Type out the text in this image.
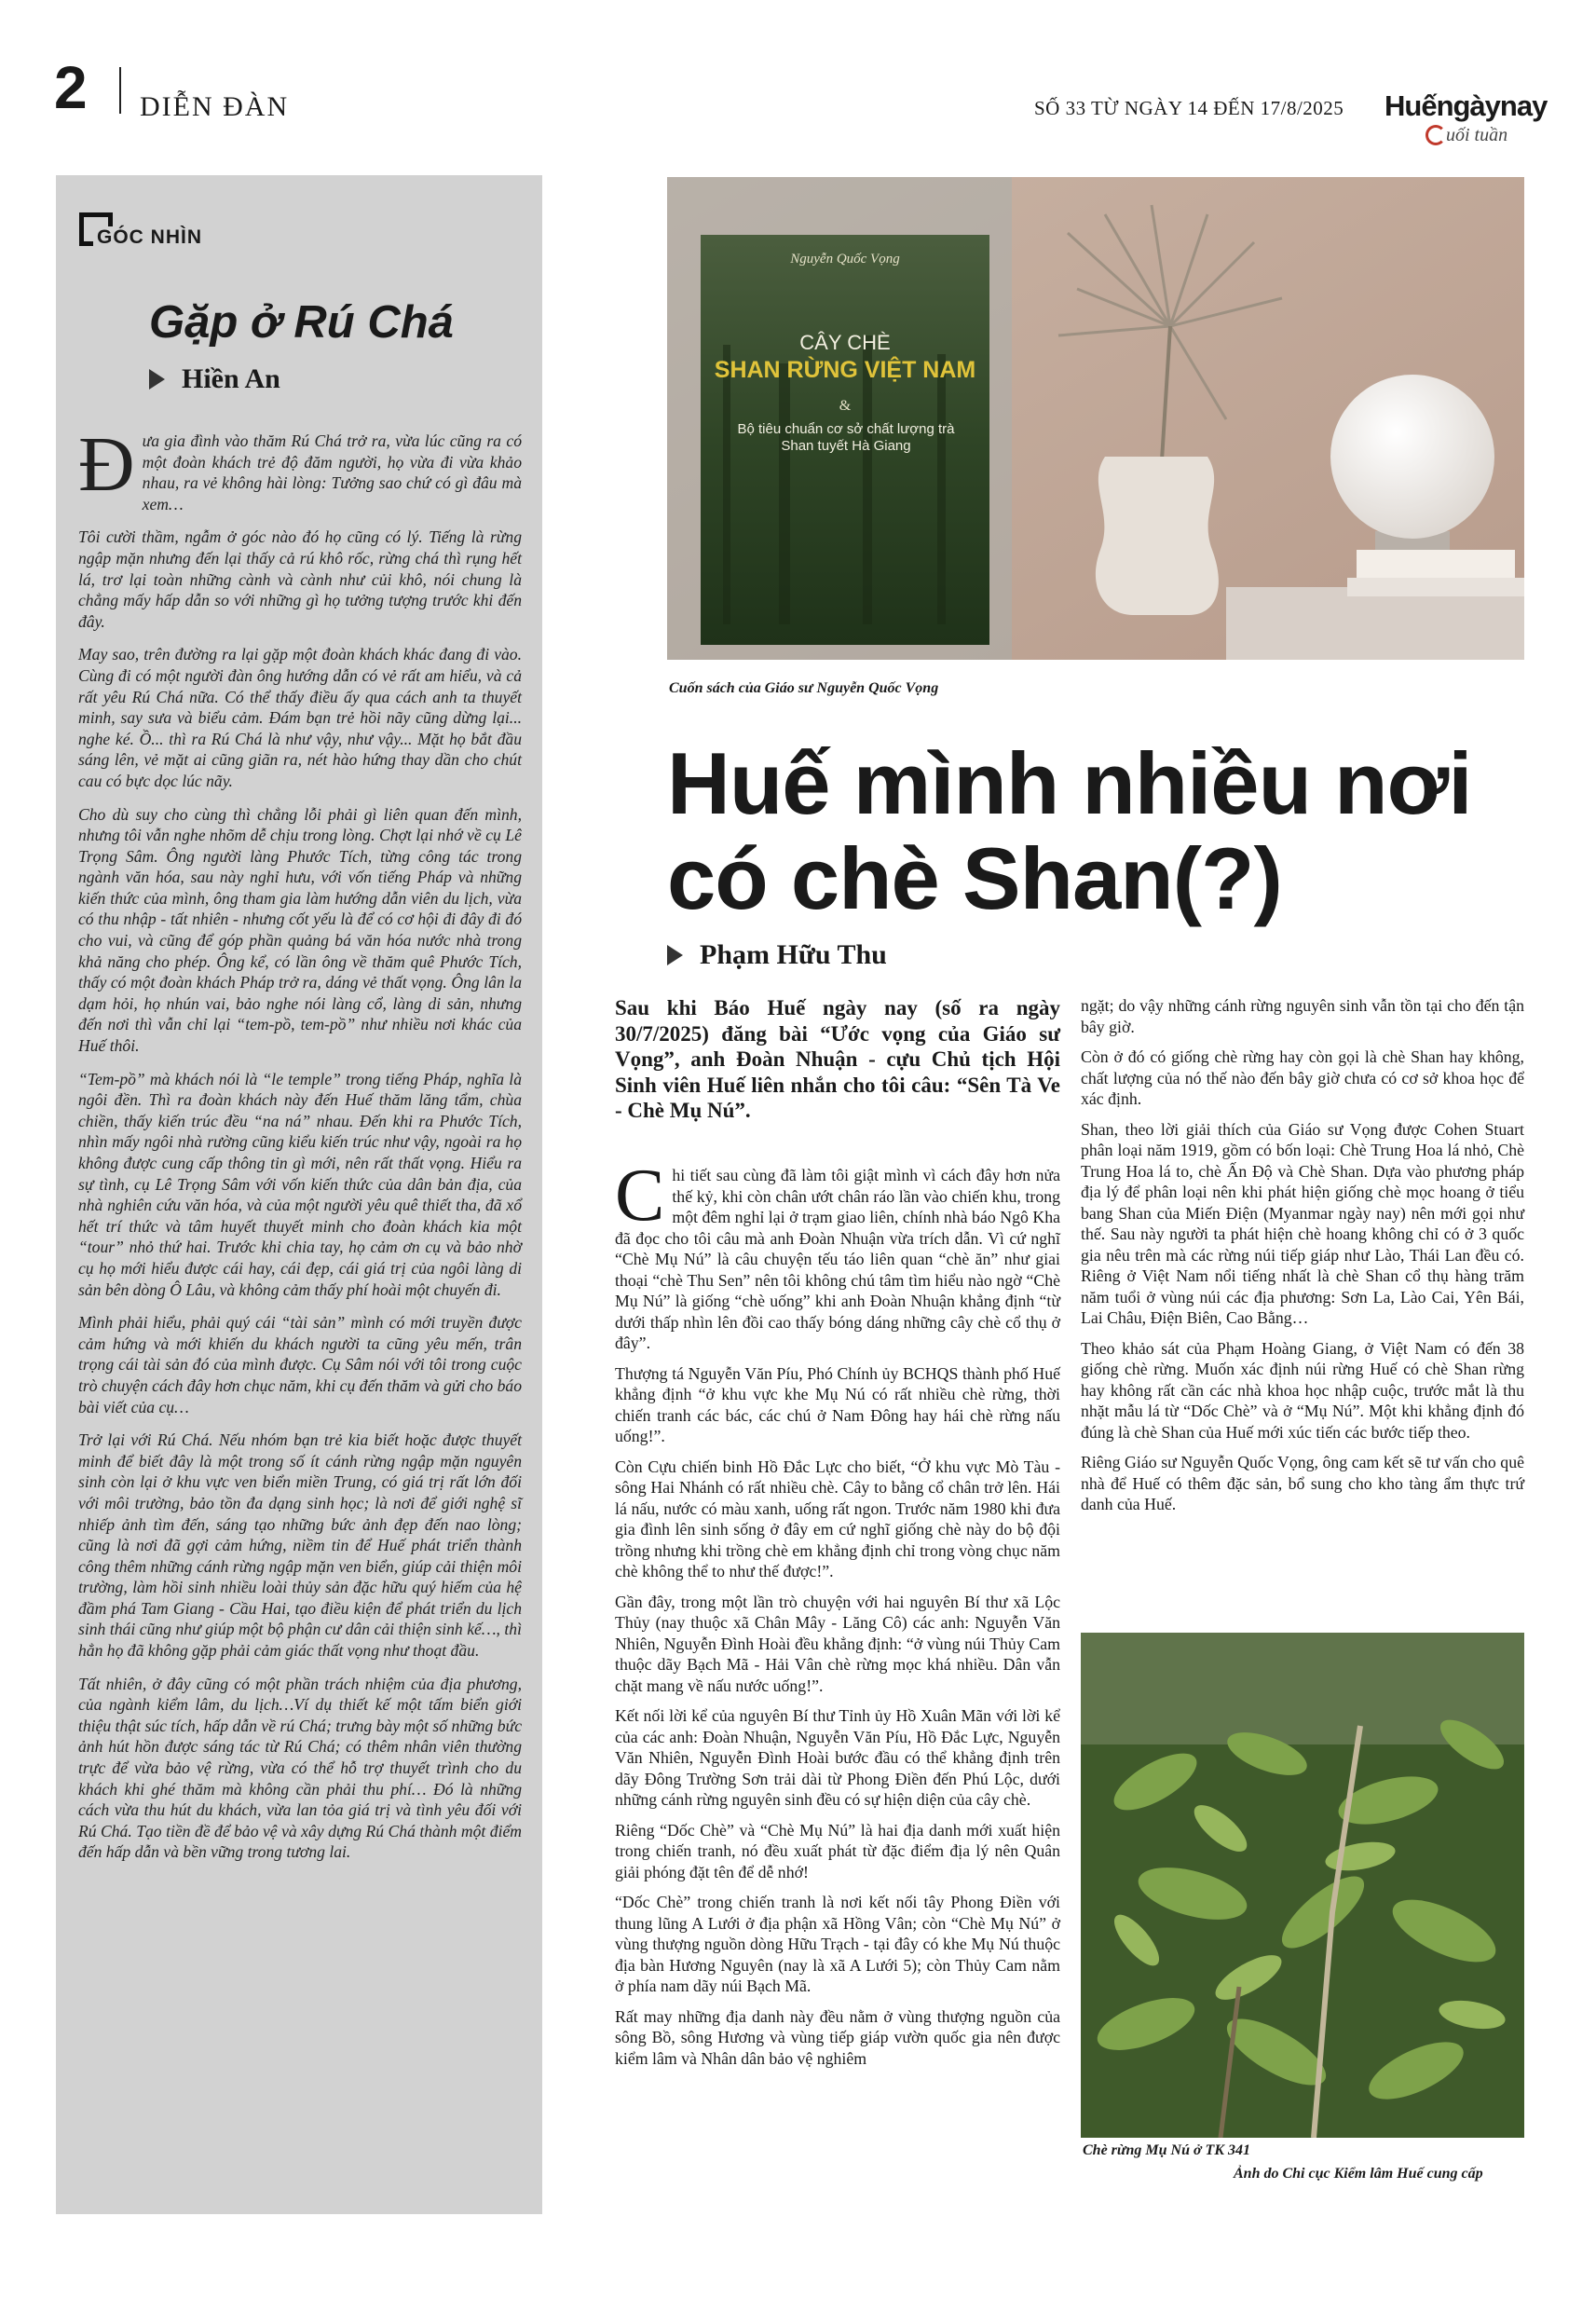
2 DIỄN ĐÀN	SỐ 33 TỪ NGÀY 14 ĐẾN 17/8/2025 Huếngàynay
uối tuần
GÓC NHÌN
Gặp ở Rú Chá
Hiền An

Đưa gia đình vào thăm Rú Chá trở ra, vừa lúc cũng ra có một đoàn khách trẻ độ đăm người, họ vừa đi vừa khảo nhau, ra vẻ không hài lòng: Tưởng sao chứ có gì đâu mà xem…

Tôi cười thầm, ngẫm ở góc nào đó họ cũng có lý. Tiếng là rừng ngập mặn nhưng đến lại thấy cả rú khô rốc, rừng chá thì rụng hết lá, trơ lại toàn những cành và cành như củi khô, nói chung là chẳng mấy hấp dẫn so với những gì họ tưởng tượng trước khi đến đây.

May sao, trên đường ra lại gặp một đoàn khách khác đang đi vào. Cùng đi có một người đàn ông hướng dẫn có vẻ rất am hiểu, và cả rất yêu Rú Chá nữa. Có thể thấy điều ấy qua cách anh ta thuyết minh, say sưa và biểu cảm. Đám bạn trẻ hồi nãy cũng dừng lại... nghe ké. Ồ... thì ra Rú Chá là như vậy, như vậy... Mặt họ bắt đầu sáng lên, vẻ mặt ai cũng giãn ra, nét hào hứng thay dần cho chút cau có bực dọc lúc nãy.

Cho dù suy cho cùng thì chẳng lỗi phải gì liên quan đến mình, nhưng tôi vẫn nghe nhõm dễ chịu trong lòng. Chợt lại nhớ về cụ Lê Trọng Sâm. Ông người làng Phước Tích, từng công tác trong ngành văn hóa, sau này nghỉ hưu, với vốn tiếng Pháp và những kiến thức của mình, ông tham gia làm hướng dẫn viên du lịch, vừa có thu nhập - tất nhiên - nhưng cốt yếu là để có cơ hội đi đây đi đó cho vui, và cũng để góp phần quảng bá văn hóa nước nhà trong khả năng cho phép. Ông kể, có lần ông về thăm quê Phước Tích, thấy có một đoàn khách Pháp trở ra, dáng vẻ thất vọng. Ông lân la dạm hỏi, họ nhún vai, bảo nghe nói làng cổ, làng di sản, nhưng đến nơi thì vẫn chỉ lại “tem-pồ, tem-pồ” như nhiều nơi khác của Huế thôi.

“Tem-pồ” mà khách nói là “le temple” trong tiếng Pháp, nghĩa là ngôi đền. Thì ra đoàn khách này đến Huế thăm lăng tẩm, chùa chiền, thấy kiến trúc đều “na ná” nhau. Đến khi ra Phước Tích, nhìn mấy ngôi nhà rường cũng kiểu kiến trúc như vậy, ngoài ra họ không được cung cấp thông tin gì mới, nên rất thất vọng. Hiểu ra sự tình, cụ Lê Trọng Sâm với vốn kiến thức của dân bản địa, của nhà nghiên cứu văn hóa, và của một người yêu quê thiết tha, đã xổ hết trí thức và tâm huyết thuyết minh cho đoàn khách kia một “tour” nhỏ thứ hai. Trước khi chia tay, họ cảm ơn cụ và bảo nhờ cụ họ mới hiểu được cái hay, cái đẹp, cái giá trị của ngôi làng di sản bên dòng Ô Lâu, và không cảm thấy phí hoài một chuyến đi.

Mình phải hiểu, phải quý cái “tài sản” mình có mới truyền được cảm hứng và mới khiến du khách người ta cũng yêu mến, trân trọng cái tài sản đó của mình được. Cụ Sâm nói với tôi trong cuộc trò chuyện cách đây hơn chục năm, khi cụ đến thăm và gửi cho báo bài viết của cụ…

Trở lại với Rú Chá. Nếu nhóm bạn trẻ kia biết hoặc được thuyết minh để biết đây là một trong số ít cánh rừng ngập mặn nguyên sinh còn lại ở khu vực ven biển miền Trung, có giá trị rất lớn đối với môi trường, bảo tồn đa dạng sinh học; là nơi để giới nghệ sĩ nhiếp ảnh tìm đến, sáng tạo những bức ảnh đẹp đến nao lòng; cũng là nơi đã gợi cảm hứng, niềm tin để Huế phát triển thành công thêm những cánh rừng ngập mặn ven biển, giúp cải thiện môi trường, làm hồi sinh nhiều loài thủy sản đặc hữu quý hiếm của hệ đầm phá Tam Giang - Cầu Hai, tạo điều kiện để phát triển du lịch sinh thái cũng như giúp một bộ phận cư dân cải thiện sinh kế…, thì hẳn họ đã không gặp phải cảm giác thất vọng như thoạt đầu.

Tất nhiên, ở đây cũng có một phần trách nhiệm của địa phương, của ngành kiểm lâm, du lịch…Ví dụ thiết kế một tấm biển giới thiệu thật súc tích, hấp dẫn về rú Chá; trưng bày một số những bức ảnh hút hồn được sáng tác từ Rú Chá; có thêm nhân viên thường trực để vừa bảo vệ rừng, vừa có thể hỗ trợ thuyết trình cho du khách khi ghé thăm mà không cần phải thu phí… Đó là những cách vừa thu hút du khách, vừa lan tỏa giá trị và tình yêu đối với Rú Chá. Tạo tiền đề để bảo vệ và xây dựng Rú Chá thành một điểm đến hấp dẫn và bền vững trong tương lai.

Nguyễn Quốc Vọng
CÂY CHÈ
SHAN RỪNG VIỆT NAM
&
Bộ tiêu chuẩn cơ sở chất lượng trà Shan tuyết Hà Giang
Cuốn sách của Giáo sư Nguyễn Quốc Vọng
Huế mình nhiều nơi
có chè Shan(?)
Phạm Hữu Thu
Sau khi Báo Huế ngày nay (số ra ngày 30/7/2025) đăng bài “Ước vọng của Giáo sư Vọng”, anh Đoàn Nhuận - cựu Chủ tịch Hội Sinh viên Huế liên nhắn cho tôi câu: “Sên Tà Ve - Chè Mụ Nú”.

Chi tiết sau cùng đã làm tôi giật mình vì cách đây hơn nửa thế kỷ, khi còn chân ướt chân ráo lần vào chiến khu, trong một đêm nghỉ lại ở trạm giao liên, chính nhà báo Ngô Kha đã đọc cho tôi câu mà anh Đoàn Nhuận vừa trích dẫn. Vì cứ nghĩ “Chè Mụ Nú” là câu chuyện tếu táo liên quan “chè ăn” như giai thoại “chè Thu Sen” nên tôi không chú tâm tìm hiểu nào ngờ “Chè Mụ Nú” là giống “chè uống” khi anh Đoàn Nhuận khẳng định “từ dưới thấp nhìn lên đồi cao thấy bóng dáng những cây chè cổ thụ ở đây”.

Thượng tá Nguyễn Văn Píu, Phó Chính ủy BCHQS thành phố Huế khẳng định “ở khu vực khe Mụ Nú có rất nhiều chè rừng, thời chiến tranh các bác, các chú ở Nam Đông hay hái chè rừng nấu uống!”.

Còn Cựu chiến binh Hồ Đắc Lực cho biết, “Ở khu vực Mò Tàu - sông Hai Nhánh có rất nhiều chè. Cây to bằng cổ chân trở lên. Hái lá nấu, nước có màu xanh, uống rất ngon. Trước năm 1980 khi đưa gia đình lên sinh sống ở đây em cứ nghĩ giống chè này do bộ đội trồng nhưng khi trồng chè em khẳng định chỉ trong vòng chục năm chè không thể to như thế được!”.

Gần đây, trong một lần trò chuyện với hai nguyên Bí thư xã Lộc Thủy (nay thuộc xã Chân Mây - Lăng Cô) các anh: Nguyễn Văn Nhiên, Nguyễn Đình Hoài đều khẳng định: “ở vùng núi Thủy Cam thuộc dãy Bạch Mã - Hải Vân chè rừng mọc khá nhiều. Dân vẫn chặt mang về nấu nước uống!”.

Kết nối lời kể của nguyên Bí thư Tỉnh ủy Hồ Xuân Mãn với lời kể của các anh: Đoàn Nhuận, Nguyễn Văn Píu, Hồ Đắc Lực, Nguyễn Văn Nhiên, Nguyễn Đình Hoài bước đầu có thể khẳng định trên dãy Đông Trường Sơn trải dài từ Phong Điền đến Phú Lộc, dưới những cánh rừng nguyên sinh đều có sự hiện diện của cây chè.

Riêng “Dốc Chè” và “Chè Mụ Nú” là hai địa danh mới xuất hiện trong chiến tranh, nó đều xuất phát từ đặc điểm địa lý nên Quân giải phóng đặt tên để dễ nhớ!

“Dốc Chè” trong chiến tranh là nơi kết nối tây Phong Điền với thung lũng A Lưới ở địa phận xã Hồng Vân; còn “Chè Mụ Nú” ở vùng thượng nguồn dòng Hữu Trạch - tại đây có khe Mụ Nú thuộc địa bàn Hương Nguyên (nay là xã A Lưới 5); còn Thủy Cam nằm ở phía nam dãy núi Bạch Mã.

Rất may những địa danh này đều nằm ở vùng thượng nguồn của sông Bồ, sông Hương và vùng tiếp giáp vườn quốc gia nên được kiểm lâm và Nhân dân bảo vệ nghiêm

ngặt; do vậy những cánh rừng nguyên sinh vẫn tồn tại cho đến tận bây giờ.

Còn ở đó có giống chè rừng hay còn gọi là chè Shan hay không, chất lượng của nó thế nào đến bây giờ chưa có cơ sở khoa học để xác định.

Shan, theo lời giải thích của Giáo sư Vọng được Cohen Stuart phân loại năm 1919, gồm có bốn loại: Chè Trung Hoa lá nhỏ, Chè Trung Hoa lá to, chè Ấn Độ và Chè Shan. Dựa vào phương pháp địa lý để phân loại nên khi phát hiện giống chè mọc hoang ở tiểu bang Shan của Miến Điện (Myanmar ngày nay) nên mới gọi như thế. Sau này người ta phát hiện chè hoang không chỉ có ở 3 quốc gia nêu trên mà các rừng núi tiếp giáp như Lào, Thái Lan đều có. Riêng ở Việt Nam nổi tiếng nhất là chè Shan cổ thụ hàng trăm năm tuổi ở vùng núi các địa phương: Sơn La, Lào Cai, Yên Bái, Lai Châu, Điện Biên, Cao Bằng…

Theo khảo sát của Phạm Hoàng Giang, ở Việt Nam có đến 38 giống chè rừng. Muốn xác định núi rừng Huế có chè Shan rừng hay không rất cần các nhà khoa học nhập cuộc, trước mắt là thu nhặt mẫu lá từ “Dốc Chè” và ở “Mụ Nú”. Một khi khẳng định đó đúng là chè Shan của Huế mới xúc tiến các bước tiếp theo.

Riêng Giáo sư Nguyễn Quốc Vọng, ông cam kết sẽ tư vấn cho quê nhà để Huế có thêm đặc sản, bổ sung cho kho tàng ẩm thực trứ danh của Huế.

Chè rừng Mụ Nú ở TK 341
Ảnh do Chi cục Kiểm lâm Huế cung cấp
